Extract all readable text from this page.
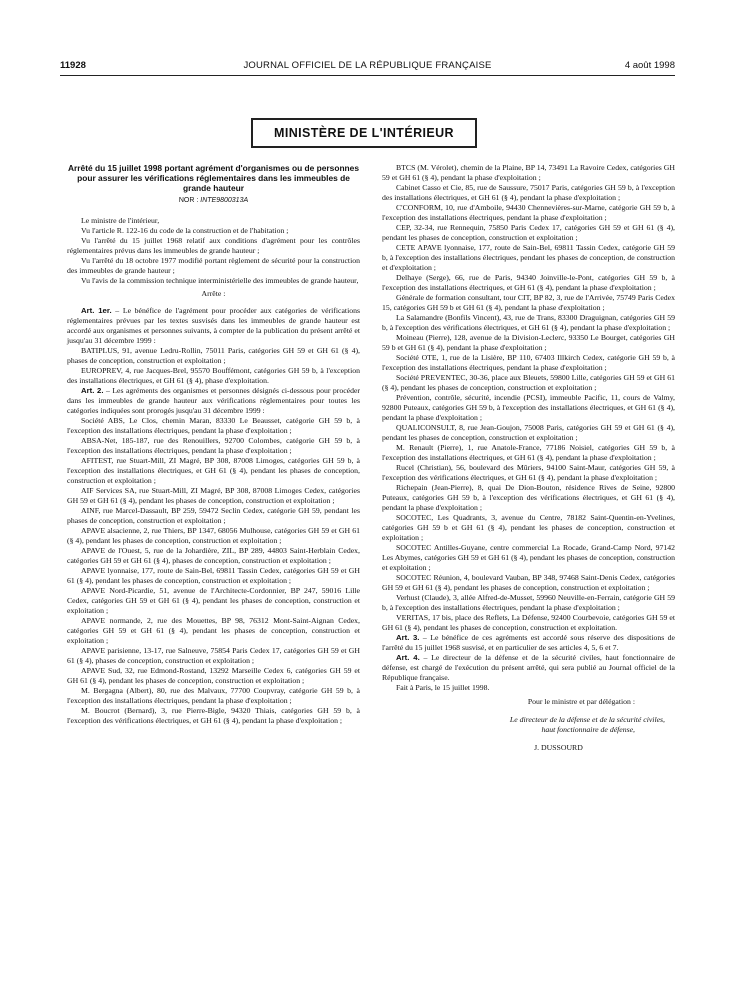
11928	JOURNAL OFFICIEL DE LA RÉPUBLIQUE FRANÇAISE	4 août 1998
MINISTÈRE DE L'INTÉRIEUR
Arrêté du 15 juillet 1998 portant agrément d'organismes ou de personnes pour assurer les vérifications réglementaires dans les immeubles de grande hauteur
NOR : INTE9800313A

Le ministre de l'intérieur,

Vu l'article R. 122-16 du code de la construction et de l'habitation ;

Vu l'arrêté du 15 juillet 1968 relatif aux conditions d'agrément pour les contrôles réglementaires prévus dans les immeubles de grande hauteur ;

Vu l'arrêté du 18 octobre 1977 modifié portant règlement de sécurité pour la construction des immeubles de grande hauteur ;

Vu l'avis de la commission technique interministérielle des immeubles de grande hauteur,

Arrête :

Art. 1er. – Le bénéfice de l'agrément pour procéder aux catégories de vérifications réglementaires prévues par les textes susvisés dans les immeubles de grande hauteur est accordé aux organismes et personnes suivants, à compter de la publication du présent arrêté et jusqu'au 31 décembre 1999 :

BATIPLUS, 91, avenue Ledru-Rollin, 75011 Paris, catégories GH 59 et GH 61 (§ 4), phases de conception, construction et exploitation ;

EUROPREV, 4, rue Jacques-Brel, 95570 Bouffémont, catégories GH 59 b, à l'exception des installations électriques, et GH 61 (§ 4), phase d'exploitation.

Art. 2. – Les agréments des organismes et personnes désignés ci-dessous pour procéder dans les immeubles de grande hauteur aux vérifications réglementaires pour toutes les catégories indiquées sont prorogés jusqu'au 31 décembre 1999 :

Société ABS, Le Clos, chemin Maran, 83330 Le Beausset, catégorie GH 59 b, à l'exception des installations électriques, pendant la phase d'exploitation ;

ABSA-Net, 185-187, rue des Renouillers, 92700 Colombes, catégorie GH 59 b, à l'exception des installations électriques, pendant la phase d'exploitation ;

AFITEST, rue Stuart-Mill, ZI Magré, BP 308, 87008 Limoges, catégories GH 59 b, à l'exception des installations électriques, et GH 61 (§ 4), pendant les phases de conception, construction et exploitation ;

AIF Services SA, rue Stuart-Mill, ZI Magré, BP 308, 87008 Limoges Cedex, catégories GH 59 et GH 61 (§ 4), pendant les phases de conception, construction et exploitation ;

AINF, rue Marcel-Dassault, BP 259, 59472 Seclin Cedex, catégorie GH 59, pendant les phases de conception, construction et exploitation ;

APAVE alsacienne, 2, rue Thiers, BP 1347, 68056 Mulhouse, catégories GH 59 et GH 61 (§ 4), pendant les phases de conception, construction et exploitation ;

APAVE de l'Ouest, 5, rue de la Johardière, ZIL, BP 289, 44803 Saint-Herblain Cedex, catégories GH 59 et GH 61 (§ 4), phases de conception, construction et exploitation ;

APAVE lyonnaise, 177, route de Sain-Bel, 69811 Tassin Cedex, catégories GH 59 et GH 61 (§ 4), pendant les phases de conception, construction et exploitation ;

APAVE Nord-Picardie, 51, avenue de l'Architecte-Cordonnier, BP 247, 59016 Lille Cedex, catégories GH 59 et GH 61 (§ 4), pendant les phases de conception, construction et exploitation ;

APAVE normande, 2, rue des Mouettes, BP 98, 76312 Mont-Saint-Aignan Cedex, catégories GH 59 et GH 61 (§ 4), pendant les phases de conception, construction et exploitation ;

APAVE parisienne, 13-17, rue Salneuve, 75854 Paris Cedex 17, catégories GH 59 et GH 61 (§ 4), phases de conception, construction et exploitation ;

APAVE Sud, 32, rue Edmond-Rostand, 13292 Marseille Cedex 6, catégories GH 59 et GH 61 (§ 4), pendant les phases de conception, construction et exploitation ;

M. Bergagna (Albert), 80, rue des Malvaux, 77700 Coupvray, catégorie GH 59 b, à l'exception des installations électriques, pendant la phase d'exploitation ;

M. Boucrot (Bernard), 3, rue Pierre-Bigle, 94320 Thiais, catégories GH 59 b, à l'exception des vérifications électriques, et GH 61 (§ 4), pendant la phase d'exploitation ;

BTCS (M. Vérolet), chemin de la Plaine, BP 14, 73491 La Ravoire Cedex, catégories GH 59 et GH 61 (§ 4), pendant la phase d'exploitation ;

Cabinet Casso et Cie, 85, rue de Saussure, 75017 Paris, catégories GH 59 b, à l'exception des installations électriques, et GH 61 (§ 4), pendant la phase d'exploitation ;

C'CONFORM, 10, rue d'Amboile, 94430 Chennevières-sur-Marne, catégorie GH 59 b, à l'exception des installations électriques, pendant la phase d'exploitation ;

CEP, 32-34, rue Rennequin, 75850 Paris Cedex 17, catégories GH 59 et GH 61 (§ 4), pendant les phases de conception, construction et exploitation ;

CETE APAVE lyonnaise, 177, route de Sain-Bel, 69811 Tassin Cedex, catégorie GH 59 b, à l'exception des installations électriques, pendant les phases de conception, de construction et d'exploitation ;

Delhaye (Serge), 66, rue de Paris, 94340 Joinville-le-Pont, catégories GH 59 b, à l'exception des installations électriques, et GH 61 (§ 4), pendant la phase d'exploitation ;

Générale de formation consultant, tour CIT, BP 82, 3, rue de l'Arrivée, 75749 Paris Cedex 15, catégories GH 59 b et GH 61 (§ 4), pendant la phase d'exploitation ;

La Salamandre (Bonfils Vincent), 43, rue de Trans, 83300 Draguignan, catégories GH 59 b, à l'exception des vérifications électriques, et GH 61 (§ 4), pendant la phase d'exploitation ;

Moineau (Pierre), 128, avenue de la Division-Leclerc, 93350 Le Bourget, catégories GH 59 b et GH 61 (§ 4), pendant la phase d'exploitation ;

Société OTE, 1, rue de la Lisière, BP 110, 67403 Illkirch Cedex, catégorie GH 59 b, à l'exception des installations électriques, pendant la phase d'exploitation ;

Société PREVENTEC, 30-36, place aux Bleuets, 59800 Lille, catégories GH 59 et GH 61 (§ 4), pendant les phases de conception, construction et exploitation ;

Prévention, contrôle, sécurité, incendie (PCSI), immeuble Pacific, 11, cours de Valmy, 92800 Puteaux, catégories GH 59 b, à l'exception des installations électriques, et GH 61 (§ 4), pendant la phase d'exploitation ;

QUALICONSULT, 8, rue Jean-Goujon, 75008 Paris, catégories GH 59 et GH 61 (§ 4), pendant les phases de conception, construction et exploitation ;

M. Renault (Pierre), 1, rue Anatole-France, 77186 Noisiel, catégories GH 59 b, à l'exception des installations électriques, et GH 61 (§ 4), pendant la phase d'exploitation ;

Rucel (Christian), 56, boulevard des Mûriers, 94100 Saint-Maur, catégories GH 59, à l'exception des vérifications électriques, et GH 61 (§ 4), pendant la phase d'exploitation ;

Richepain (Jean-Pierre), 8, quai De Dion-Bouton, résidence Rives de Seine, 92800 Puteaux, catégories GH 59 b, à l'exception des vérifications électriques, et GH 61 (§ 4), pendant la phase d'exploitation ;

SOCOTEC, Les Quadrants, 3, avenue du Centre, 78182 Saint-Quentin-en-Yvelines, catégories GH 59 b et GH 61 (§ 4), pendant les phases de conception, construction et exploitation ;

SOCOTEC Antilles-Guyane, centre commercial La Rocade, Grand-Camp Nord, 97142 Les Abymes, catégories GH 59 et GH 61 (§ 4), pendant les phases de conception, construction et exploitation ;

SOCOTEC Réunion, 4, boulevard Vauban, BP 348, 97468 Saint-Denis Cedex, catégories GH 59 et GH 61 (§ 4), pendant les phases de conception, construction et exploitation ;

Verhust (Claude), 3, allée Alfred-de-Musset, 59960 Neuville-en-Ferrain, catégorie GH 59 b, à l'exception des installations électriques, pendant la phase d'exploitation ;

VERITAS, 17 bis, place des Reflets, La Défense, 92400 Courbevoie, catégories GH 59 et GH 61 (§ 4), pendant les phases de conception, construction et exploitation.

Art. 3. – Le bénéfice de ces agréments est accordé sous réserve des dispositions de l'arrêté du 15 juillet 1968 susvisé, et en particulier de ses articles 4, 5, 6 et 7.

Art. 4. – Le directeur de la défense et de la sécurité civiles, haut fonctionnaire de défense, est chargé de l'exécution du présent arrêté, qui sera publié au Journal officiel de la République française.

Fait à Paris, le 15 juillet 1998.

Pour le ministre et par délégation :

Le directeur de la défense et de la sécurité civiles,

haut fonctionnaire de défense,

J. DUSSOURD
